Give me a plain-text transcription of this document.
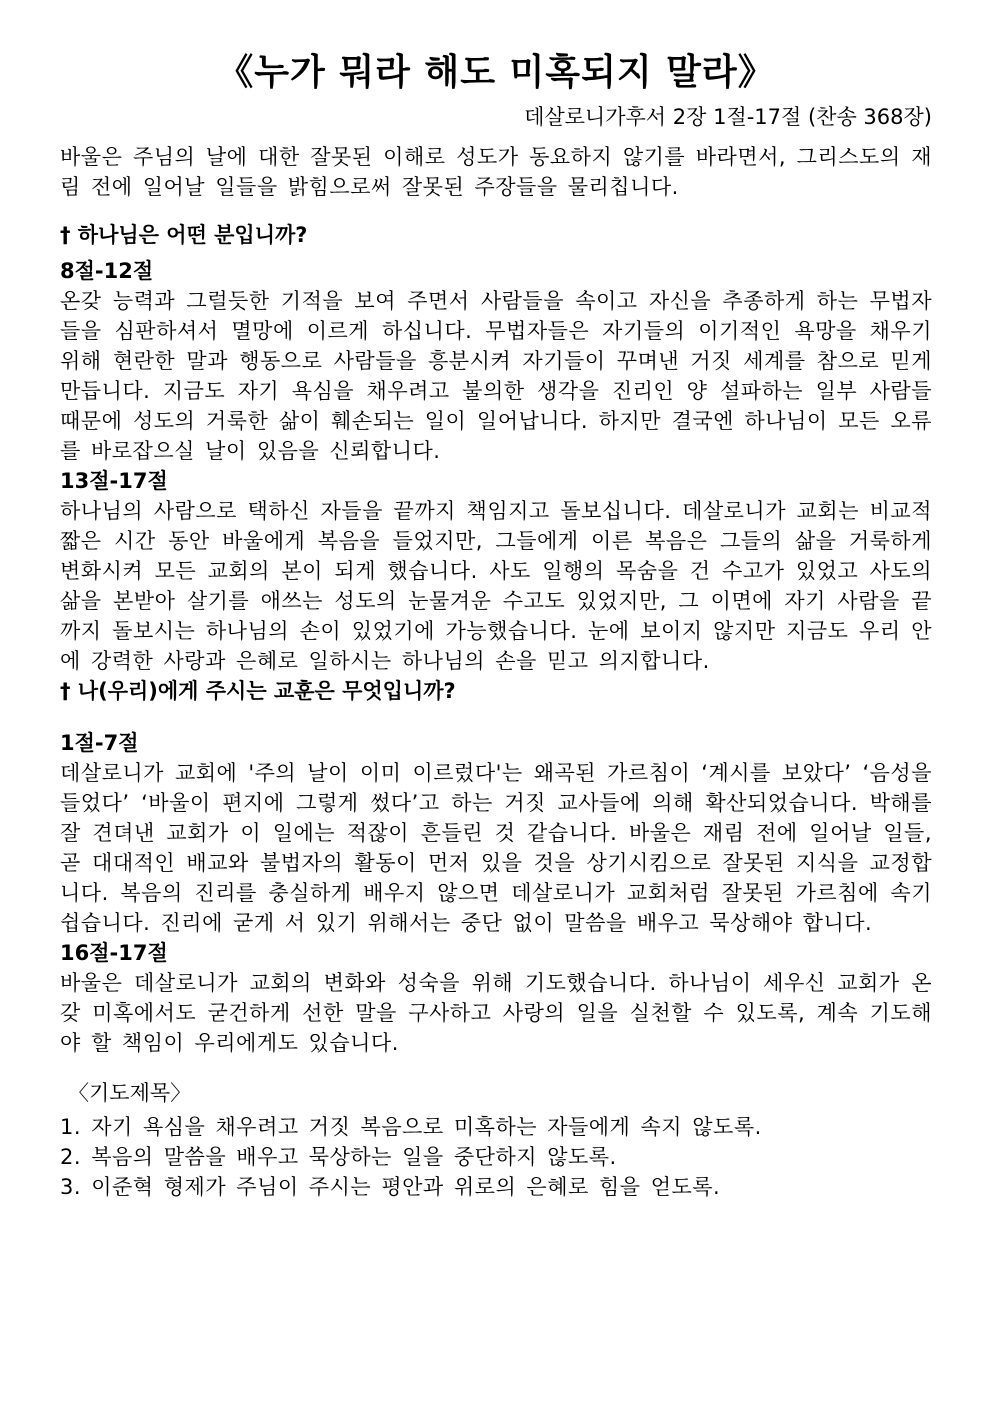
《누가 뭐라 해도 미혹되지 말라》
데살로니가후서 2장 1절-17절 (찬송 368장)

바울은 주님의 날에 대한 잘못된 이해로 성도가 동요하지 않기를 바라면서, 그리스도의 재림 전에 일어날 일들을 밝힘으로써 잘못된 주장들을 물리칩니다.

† 하나님은 어떤 분입니까?
8절-12절

온갖 능력과 그럴듯한 기적을 보여 주면서 사람들을 속이고 자신을 추종하게 하는 무법자들을 심판하셔서 멸망에 이르게 하십니다. 무법자들은 자기들의 이기적인 욕망을 채우기 위해 현란한 말과 행동으로 사람들을 흥분시켜 자기들이 꾸며낸 거짓 세계를 참으로 믿게 만듭니다. 지금도 자기 욕심을 채우려고 불의한 생각을 진리인 양 설파하는 일부 사람들 때문에 성도의 거룩한 삶이 훼손되는 일이 일어납니다. 하지만 결국엔 하나님이 모든 오류를 바로잡으실 날이 있음을 신뢰합니다.

13절-17절

하나님의 사람으로 택하신 자들을 끝까지 책임지고 돌보십니다. 데살로니가 교회는 비교적 짧은 시간 동안 바울에게 복음을 들었지만, 그들에게 이른 복음은 그들의 삶을 거룩하게 변화시켜 모든 교회의 본이 되게 했습니다. 사도 일행의 목숨을 건 수고가 있었고 사도의 삶을 본받아 살기를 애쓰는 성도의 눈물겨운 수고도 있었지만, 그 이면에 자기 사람을 끝까지 돌보시는 하나님의 손이 있었기에 가능했습니다. 눈에 보이지 않지만 지금도 우리 안에 강력한 사랑과 은혜로 일하시는 하나님의 손을 믿고 의지합니다.

† 나(우리)에게 주시는 교훈은 무엇입니까?
1절-7절

데살로니가 교회에 '주의 날이 이미 이르렀다'는 왜곡된 가르침이 ‘계시를 보았다’ ‘음성을 들었다’ ‘바울이 편지에 그렇게 썼다’고 하는 거짓 교사들에 의해 확산되었습니다. 박해를 잘 견뎌낸 교회가 이 일에는 적잖이 흔들린 것 같습니다. 바울은 재림 전에 일어날 일들, 곧 대대적인 배교와 불법자의 활동이 먼저 있을 것을 상기시킴으로 잘못된 지식을 교정합니다. 복음의 진리를 충실하게 배우지 않으면 데살로니가 교회처럼 잘못된 가르침에 속기 쉽습니다. 진리에 굳게 서 있기 위해서는 중단 없이 말씀을 배우고 묵상해야 합니다.

16절-17절

바울은 데살로니가 교회의 변화와 성숙을 위해 기도했습니다. 하나님이 세우신 교회가 온갖 미혹에서도 굳건하게 선한 말을 구사하고 사랑의 일을 실천할 수 있도록, 계속 기도해야 할 책임이 우리에게도 있습니다.

〈기도제목〉
1. 자기 욕심을 채우려고 거짓 복음으로 미혹하는 자들에게 속지 않도록.
2. 복음의 말씀을 배우고 묵상하는 일을 중단하지 않도록.
3. 이준혁 형제가 주님이 주시는 평안과 위로의 은혜로 힘을 얻도록.
